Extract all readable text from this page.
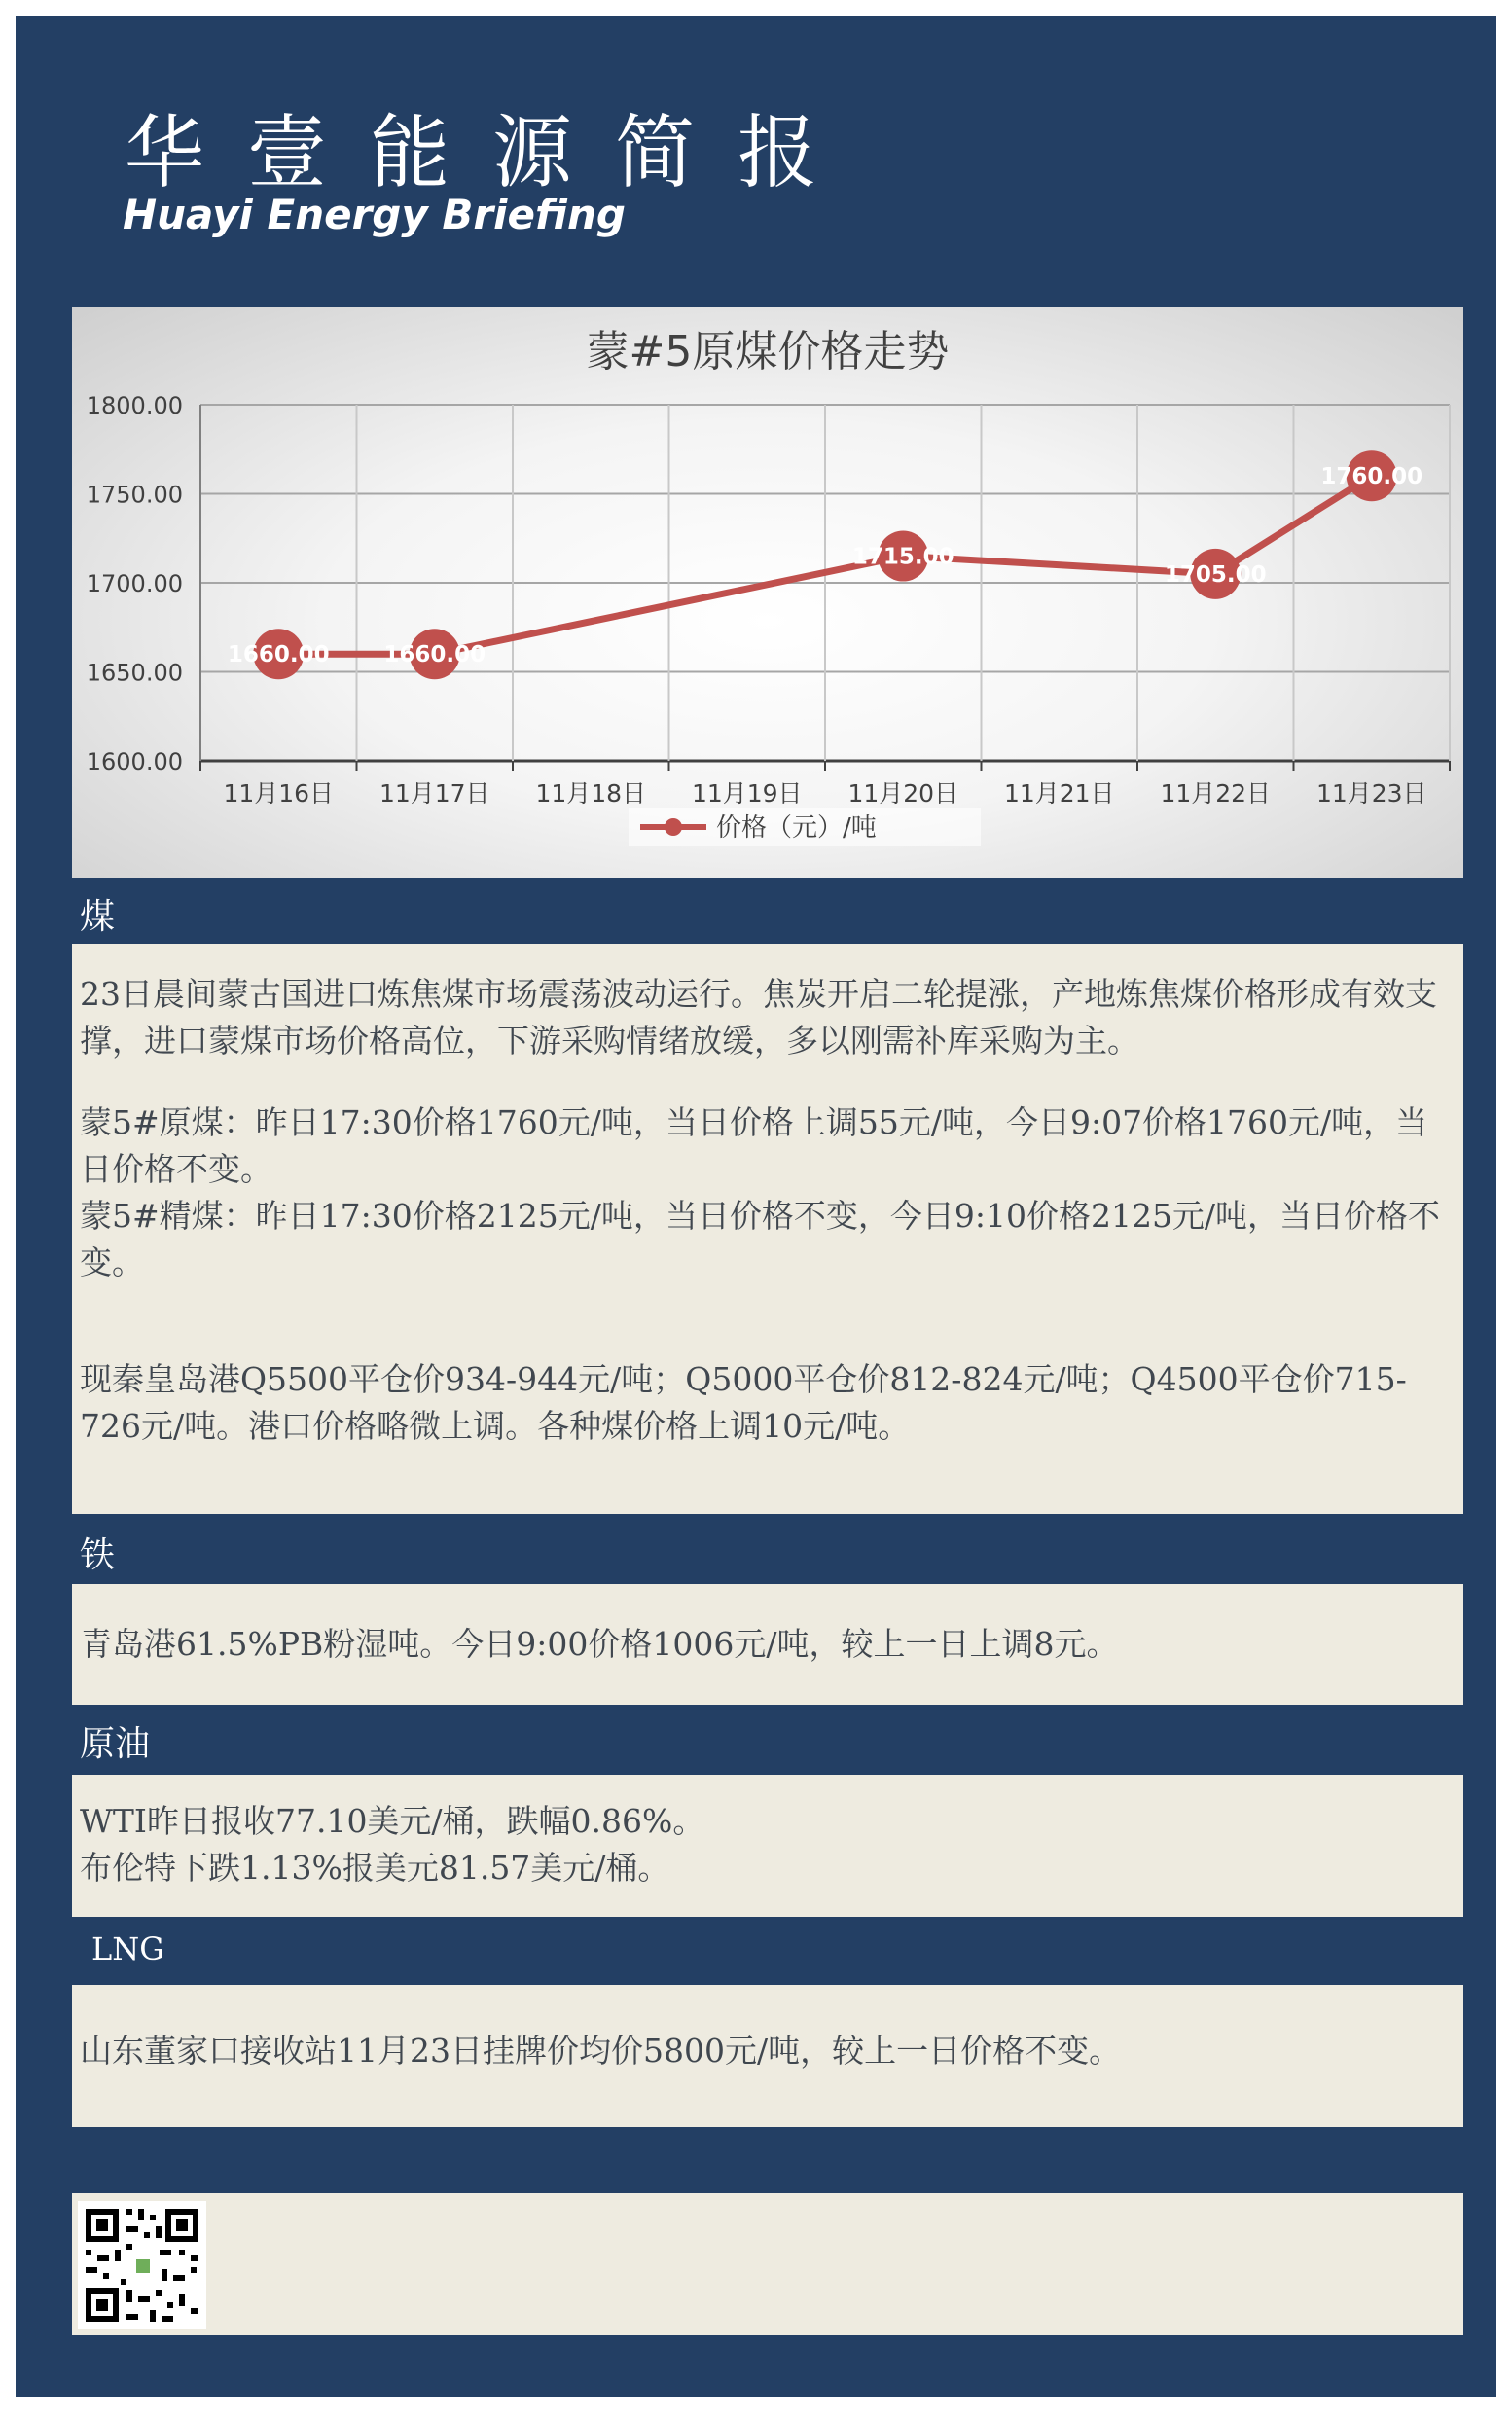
华壹能源简报
Huayi Energy Briefing
蒙#5原煤价格走势
1600.00
1650.00
1700.00
1750.00
1800.00
11月16日 11月17日 11月18日 11月19日 11月20日 11月21日 11月22日 11月23日
1660.00 1660.00
1715.00
1705.00
1760.00
价格（元）/吨
煤

23日晨间蒙古国进口炼焦煤市场震荡波动运行。焦炭开启二轮提涨，产地炼焦煤价格形成有效支撑，进口蒙煤市场价格高位，下游采购情绪放缓，多以刚需补库采购为主。

蒙5#原煤：昨日17:30价格1760元/吨，当日价格上调55元/吨，今日9:07价格1760元/吨，当日价格不变。

蒙5#精煤：昨日17:30价格2125元/吨，当日价格不变，今日9:10价格2125元/吨，当日价格不变。

现秦皇岛港Q5500平仓价934-944元/吨；Q5000平仓价812-824元/吨；Q4500平仓价715-726元/吨。港口价格略微上调。各种煤价格上调10元/吨。

铁

青岛港61.5%PB粉湿吨。今日9:00价格1006元/吨，较上一日上调8元。

原油

WTI昨日报收77.10美元/桶，跌幅0.86%。

布伦特下跌1.13%报美元81.57美元/桶。

LNG

山东董家口接收站11月23日挂牌价均价5800元/吨，较上一日价格不变。
